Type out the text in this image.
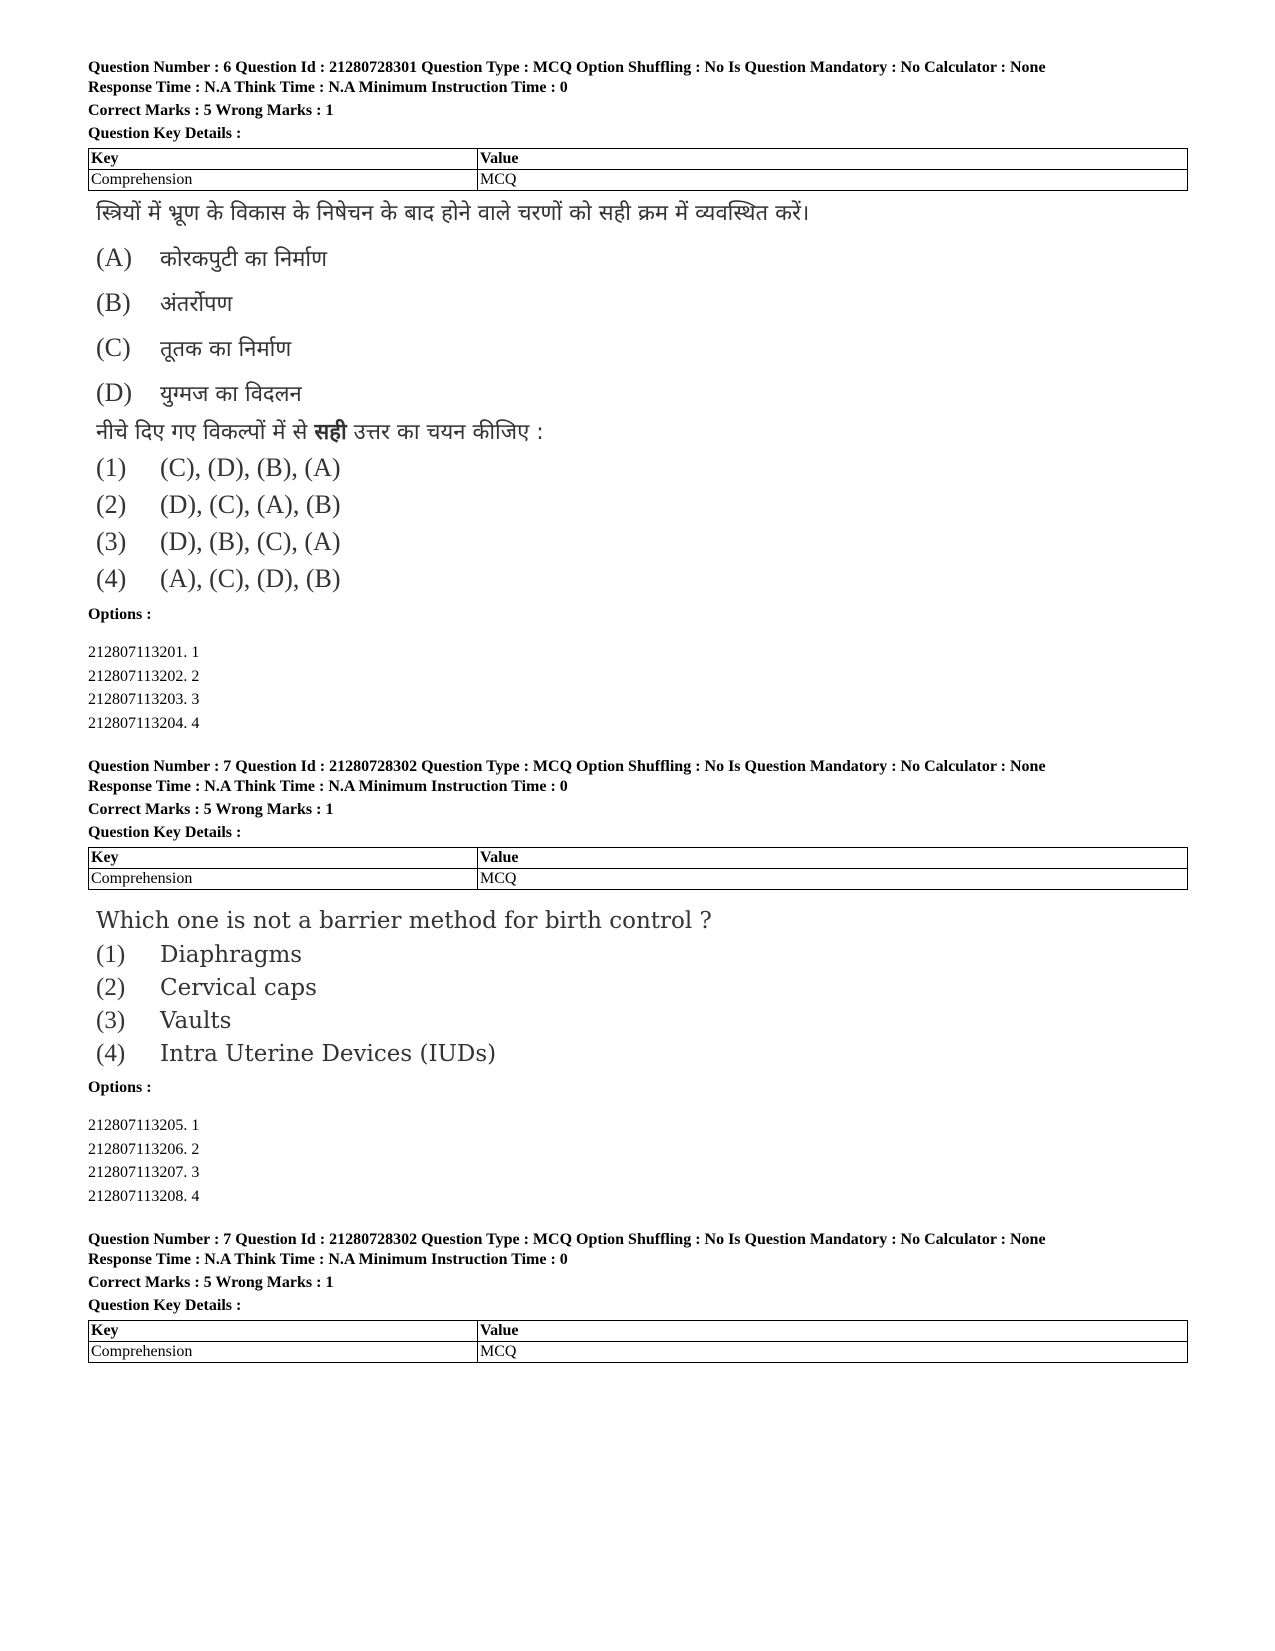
Question Number : 6 Question Id : 21280728301 Question Type : MCQ Option Shuffling : No Is Question Mandatory : No Calculator : None

Response Time : N.A Think Time : N.A Minimum Instruction Time : 0

Correct Marks : 5 Wrong Marks : 1

Question Key Details :

Key	Value
Comprehension	MCQ
स्त्रियों में भ्रूण के विकास के निषेचन के बाद होने वाले चरणों को सही क्रम में व्यवस्थित करें।
(A)	कोरकपुटी का निर्माण
(B)	अंतर्रोपण
(C)	तूतक का निर्माण
(D)	युग्मज का विदलन
नीचे दिए गए विकल्पों में से सही उत्तर का चयन कीजिए :
(1)	(C), (D), (B), (A)
(2)	(D), (C), (A), (B)
(3)	(D), (B), (C), (A)
(4)	(A), (C), (D), (B)

Options :

212807113201. 1
212807113202. 2
212807113203. 3
212807113204. 4

Question Number : 7 Question Id : 21280728302 Question Type : MCQ Option Shuffling : No Is Question Mandatory : No Calculator : None

Response Time : N.A Think Time : N.A Minimum Instruction Time : 0

Correct Marks : 5 Wrong Marks : 1

Question Key Details :

Key	Value
Comprehension	MCQ
Which one is not a barrier method for birth control ?
(1)	Diaphragms
(2)	Cervical caps
(3)	Vaults
(4)	Intra Uterine Devices (IUDs)

Options :

212807113205. 1
212807113206. 2
212807113207. 3
212807113208. 4

Question Number : 7 Question Id : 21280728302 Question Type : MCQ Option Shuffling : No Is Question Mandatory : No Calculator : None

Response Time : N.A Think Time : N.A Minimum Instruction Time : 0

Correct Marks : 5 Wrong Marks : 1

Question Key Details :

Key	Value
Comprehension	MCQ
